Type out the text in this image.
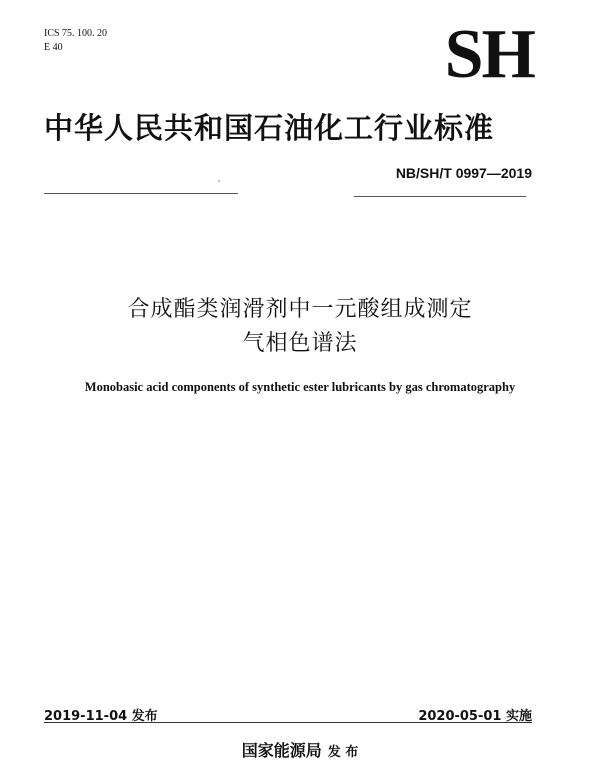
ICS 75. 100. 20
E 40	SH
中华人民共和国石油化工行业标准
NB/SH/T 0997—2019
合成酯类润滑剂中一元酸组成测定
气相色谱法
Monobasic acid components of synthetic ester lubricants by gas chromatography
2019-11-04 发布	2020-05-01 实施
国家能源局 发 布
